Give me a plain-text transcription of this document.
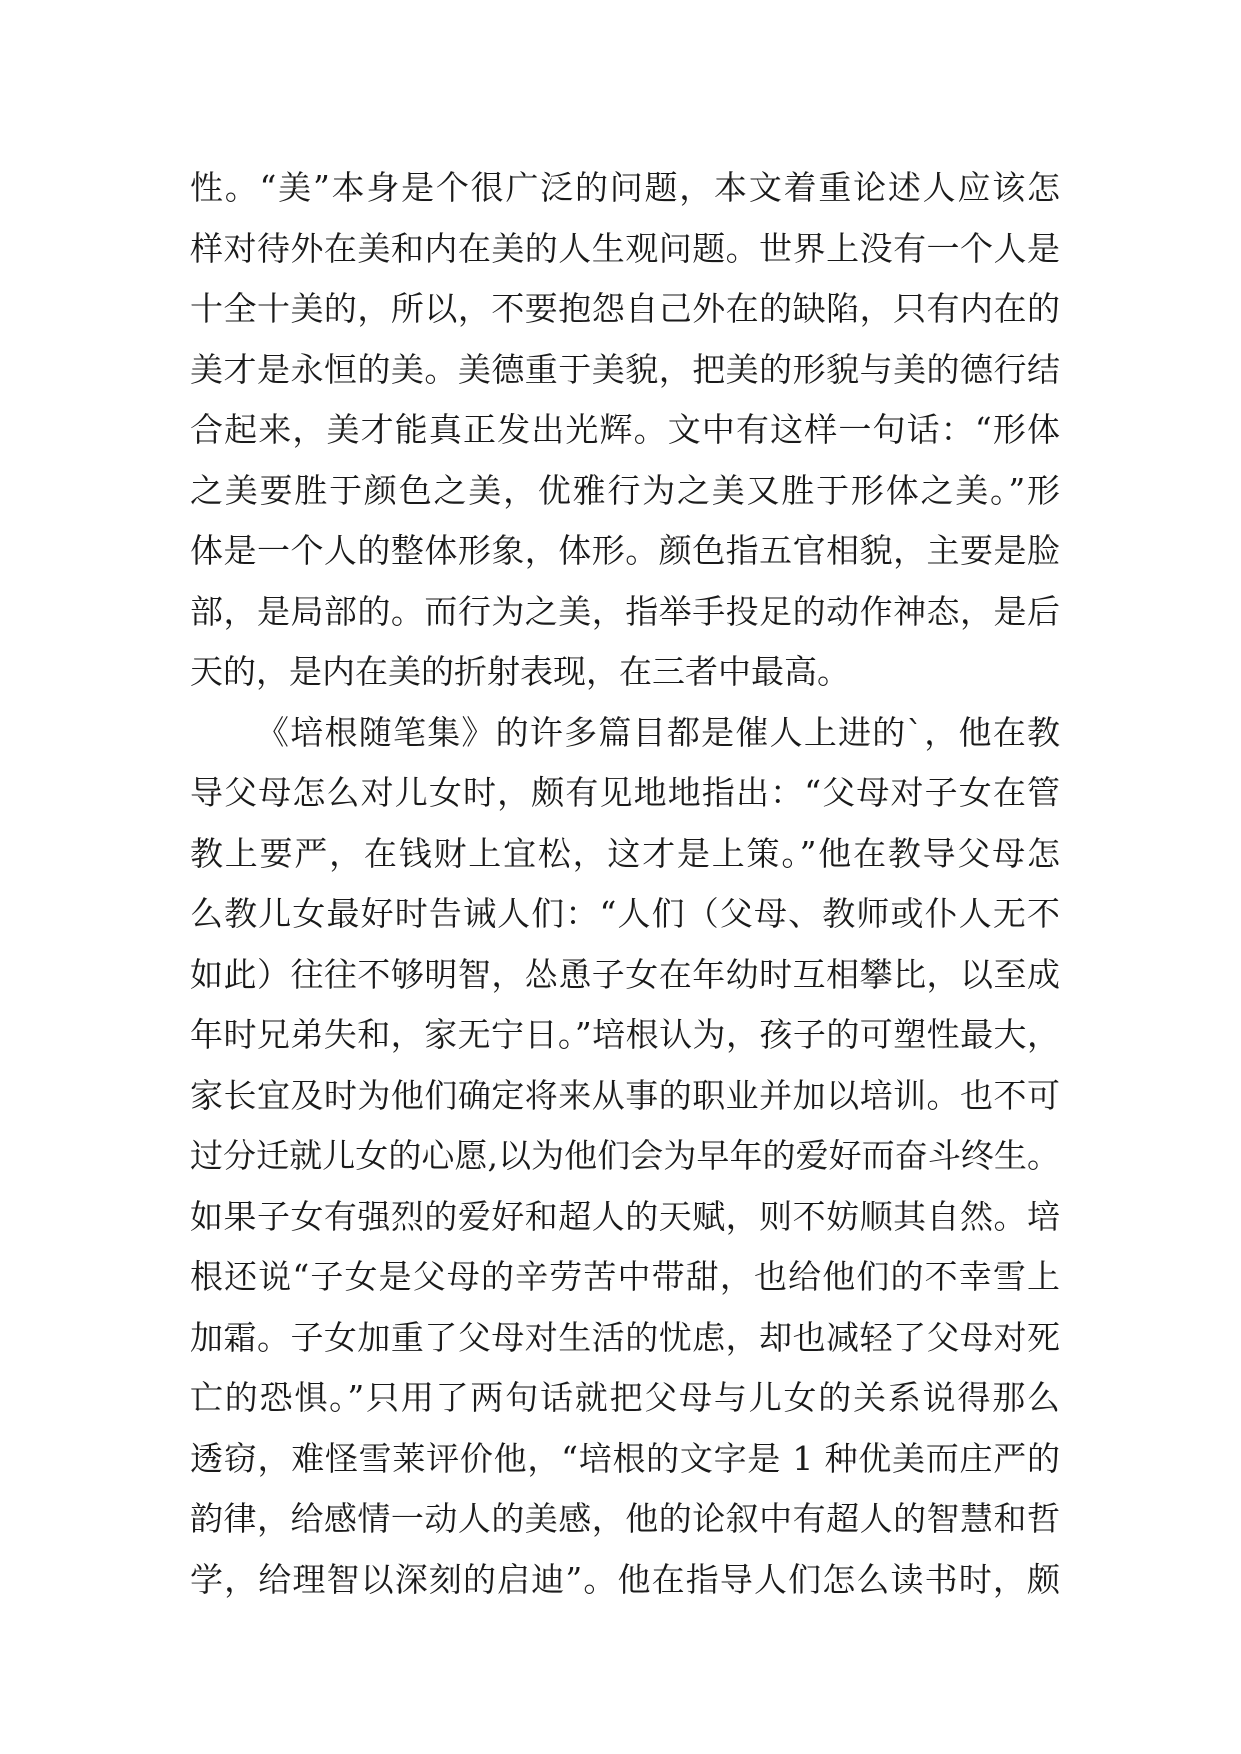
性。“美”本身是个很广泛的问题，本文着重论述人应该怎
样对待外在美和内在美的人生观问题。世界上没有一个人是
十全十美的，所以，不要抱怨自己外在的缺陷，只有内在的
美才是永恒的美。美德重于美貌，把美的形貌与美的德行结
合起来，美才能真正发出光辉。文中有这样一句话：“形体
之美要胜于颜色之美，优雅行为之美又胜于形体之美。”形
体是一个人的整体形象，体形。颜色指五官相貌，主要是脸
部，是局部的。而行为之美，指举手投足的动作神态，是后
天的，是内在美的折射表现，在三者中最高。
《培根随笔集》的许多篇目都是催人上进的`，他在教
导父母怎么对儿女时，颇有见地地指出：“父母对子女在管
教上要严，在钱财上宜松，这才是上策。”他在教导父母怎
么教儿女最好时告诫人们：“人们（父母、教师或仆人无不
如此）往往不够明智，怂恿子女在年幼时互相攀比，以至成
年时兄弟失和，家无宁日。”培根认为，孩子的可塑性最大，
家长宜及时为他们确定将来从事的职业并加以培训。也不可
过分迁就儿女的心愿,以为他们会为早年的爱好而奋斗终生。
如果子女有强烈的爱好和超人的天赋，则不妨顺其自然。培
根还说“子女是父母的辛劳苦中带甜，也给他们的不幸雪上
加霜。子女加重了父母对生活的忧虑，却也减轻了父母对死
亡的恐惧。”只用了两句话就把父母与儿女的关系说得那么
透窃，难怪雪莱评价他，“培根的文字是 1 种优美而庄严的
韵律，给感情一动人的美感，他的论叙中有超人的智慧和哲
学，给理智以深刻的启迪”。他在指导人们怎么读书时，颇
